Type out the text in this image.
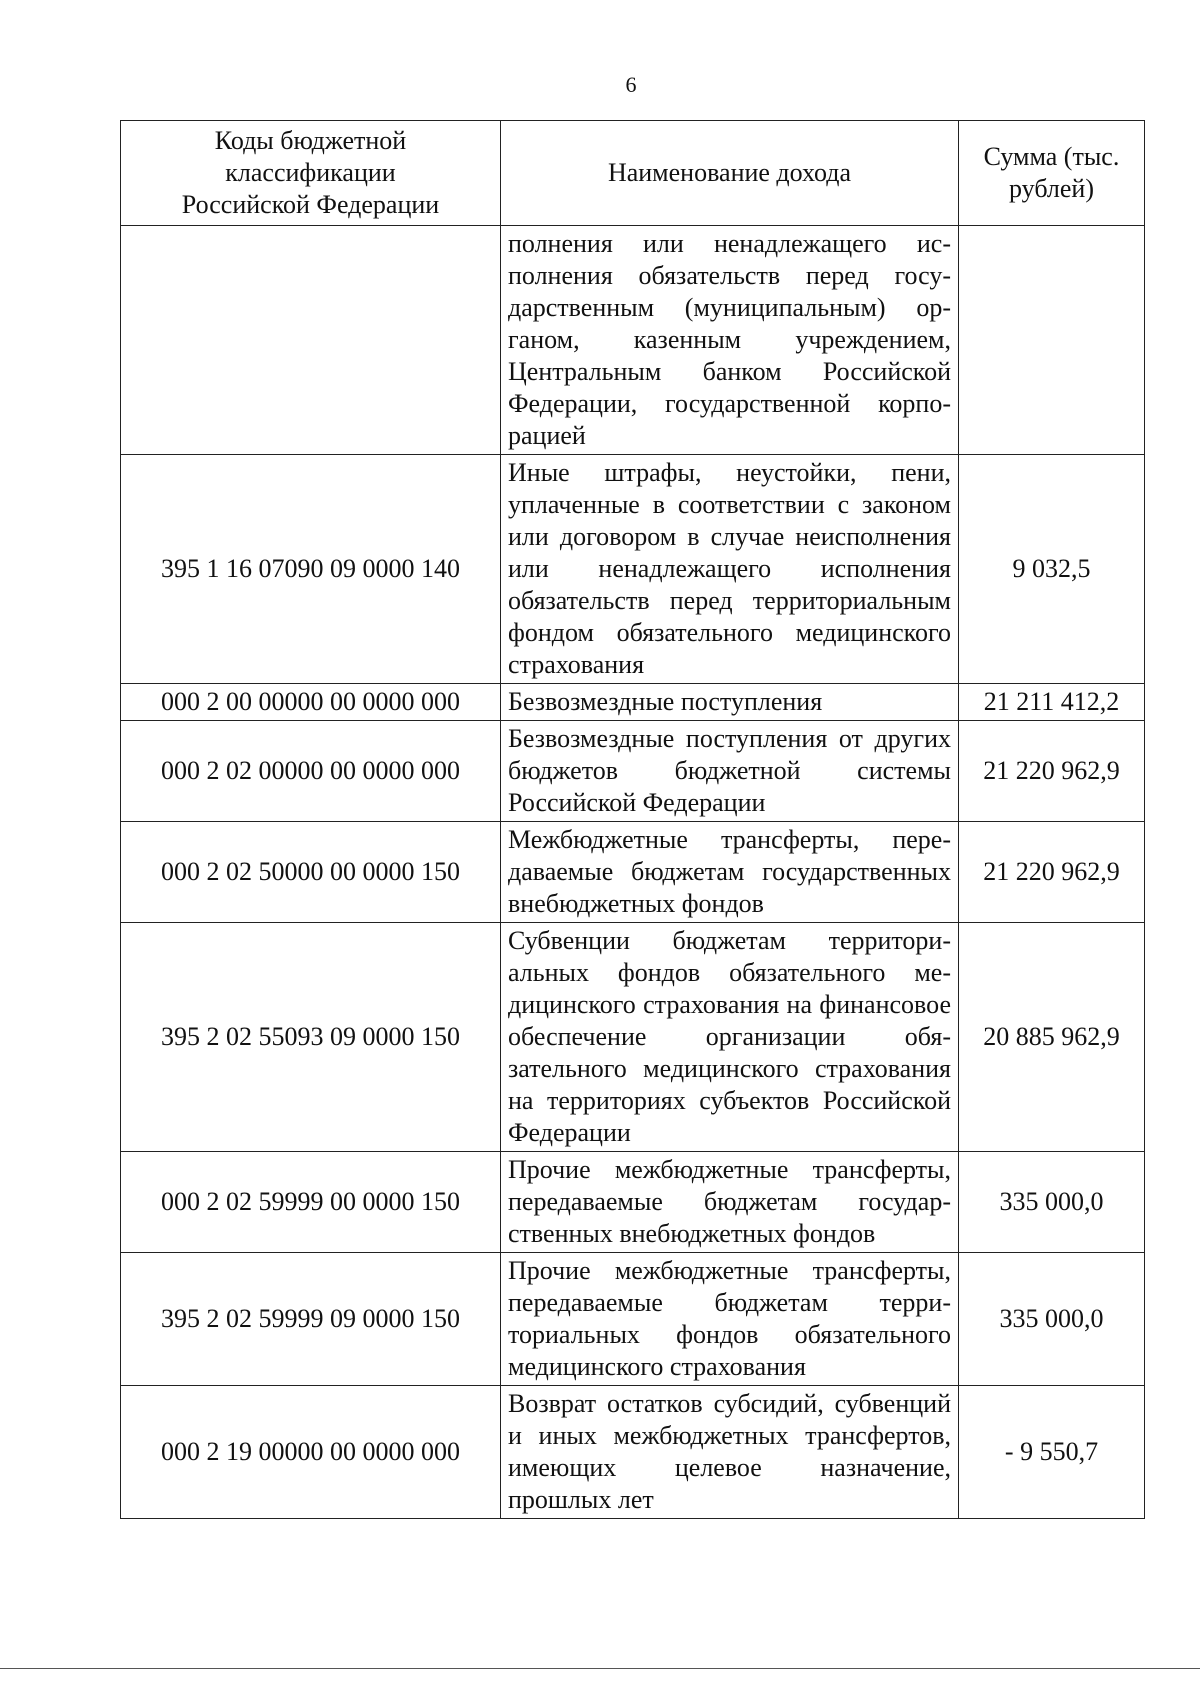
6
Коды бюджетной классификации Российской Федерации	Наименование дохода	Сумма (тыс. рублей)
	полнения или ненадлежащего исполнения обязательств перед государственным (муниципальным) органом, казенным учреждением, Центральным банком Российской Федерации, государственной корпорацией	
395 1 16 07090 09 0000 140	Иные штрафы, неустойки, пени, уплаченные в соответствии с законом или договором в случае неисполнения или ненадлежащего исполнения обязательств перед территориальным фондом обязательного медицинского страхования	9 032,5
000 2 00 00000 00 0000 000	Безвозмездные поступления	21 211 412,2
000 2 02 00000 00 0000 000	Безвозмездные поступления от других бюджетов бюджетной системы Российской Федерации	21 220 962,9
000 2 02 50000 00 0000 150	Межбюджетные трансферты, передаваемые бюджетам государственных внебюджетных фондов	21 220 962,9
395 2 02 55093 09 0000 150	Субвенции бюджетам территориальных фондов обязательного медицинского страхования на финансовое обеспечение организации обязательного медицинского страхования на территориях субъектов Российской Федерации	20 885 962,9
000 2 02 59999 00 0000 150	Прочие межбюджетные трансферты, передаваемые бюджетам государственных внебюджетных фондов	335 000,0
395 2 02 59999 09 0000 150	Прочие межбюджетные трансферты, передаваемые бюджетам территориальных фондов обязательного медицинского страхования	335 000,0
000 2 19 00000 00 0000 000	Возврат остатков субсидий, субвенций и иных межбюджетных трансфертов, имеющих целевое назначение, прошлых лет	- 9 550,7
